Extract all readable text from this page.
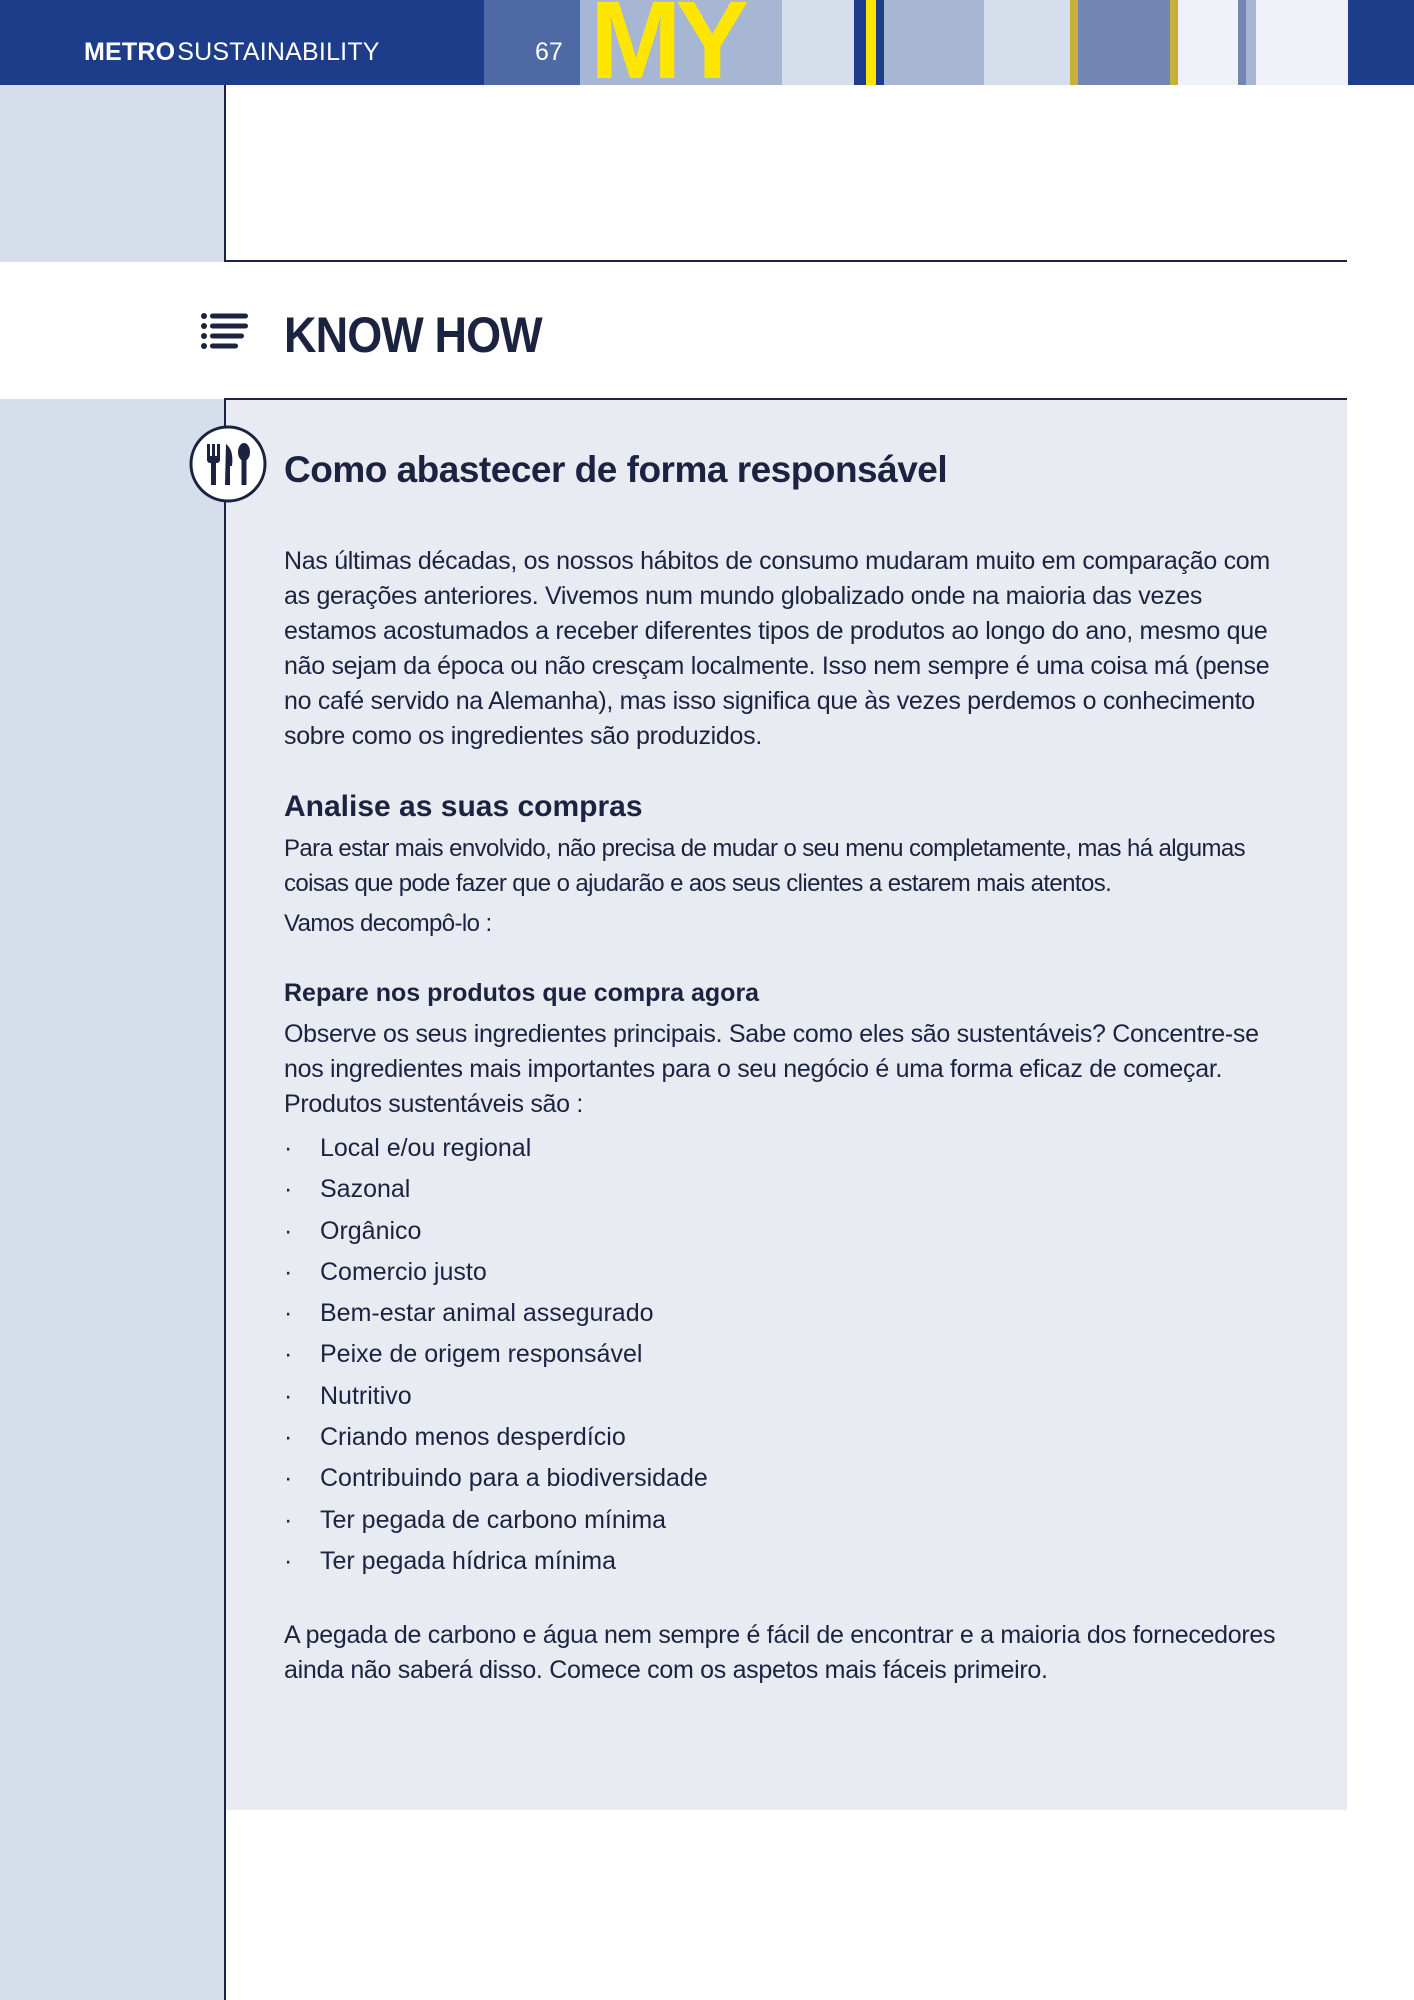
METROSUSTAINABILITY	67 MY
KNOW HOW
Como abastecer de forma responsável

Nas últimas décadas, os nossos hábitos de consumo mudaram muito em comparação com as gerações anteriores. Vivemos num mundo globalizado onde na maioria das vezes estamos acostumados a receber diferentes tipos de produtos ao longo do ano, mesmo que não sejam da época ou não cresçam localmente. Isso nem sempre é uma coisa má (pense no café servido na Alemanha), mas isso significa que às vezes perdemos o conhecimento sobre como os ingredientes são produzidos.

Analise as suas compras

Para estar mais envolvido, não precisa de mudar o seu menu completamente, mas há algumas coisas que pode fazer que o ajudarão e aos seus clientes a estarem mais atentos.

Vamos decompô-lo :

Repare nos produtos que compra agora

Observe os seus ingredientes principais. Sabe como eles são sustentáveis? Concentre-se nos ingredientes mais importantes para o seu negócio é uma forma eficaz de começar. Produtos sustentáveis são :

·	Local e/ou regional
·	Sazonal
·	Orgânico
·	Comercio justo
·	Bem-estar animal assegurado
·	Peixe de origem responsável
·	Nutritivo
·	Criando menos desperdício
·	Contribuindo para a biodiversidade
·	Ter pegada de carbono mínima
·	Ter pegada hídrica mínima

A pegada de carbono e água nem sempre é fácil de encontrar e a maioria dos fornecedores ainda não saberá disso. Comece com os aspetos mais fáceis primeiro.
